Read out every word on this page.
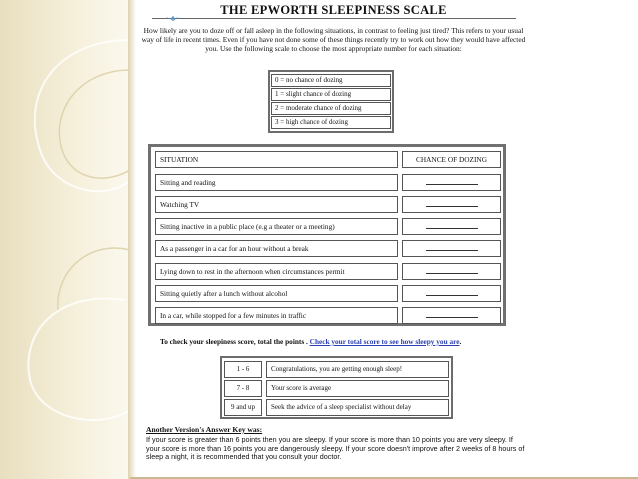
THE EPWORTH SLEEPINESS SCALE
~♣~
How likely are you to doze off or fall asleep in the following situations, in contrast to feeling just tired? This refers to your usual way of life in recent times. Even if you have not done some of these things recently try to work out how they would have affected you. Use the following scale to choose the most appropriate number for each situation:
0 = no chance of dozing
1 = slight chance of dozing
2 = moderate chance of dozing
3 = high chance of dozing
SITUATION	CHANCE OF DOZING
Sitting and reading
Watching TV
Sitting inactive in a public place (e.g a theater or a meeting)
As a passenger in a car for an hour without a break
Lying down to rest in the afternoon when circumstances permit
Sitting quietly after a lunch without alcohol
In a car, while stopped for a few minutes in traffic
To check your sleepiness score, total the points . Check your total score to see how sleepy you are.
1 - 6	Congratulations, you are getting enough sleep!
7 - 8	Your score is average
9 and up	Seek the advice of a sleep specialist without delay
Another Version's Answer Key was:
If your score is greater than 6 points then you are sleepy. If your score is more than 10 points you are very sleepy. If your score is more than 16 points you are dangerously sleepy. If your score doesn't improve after 2 weeks of 8 hours of sleep a night, it is recommended that you consult your doctor.
